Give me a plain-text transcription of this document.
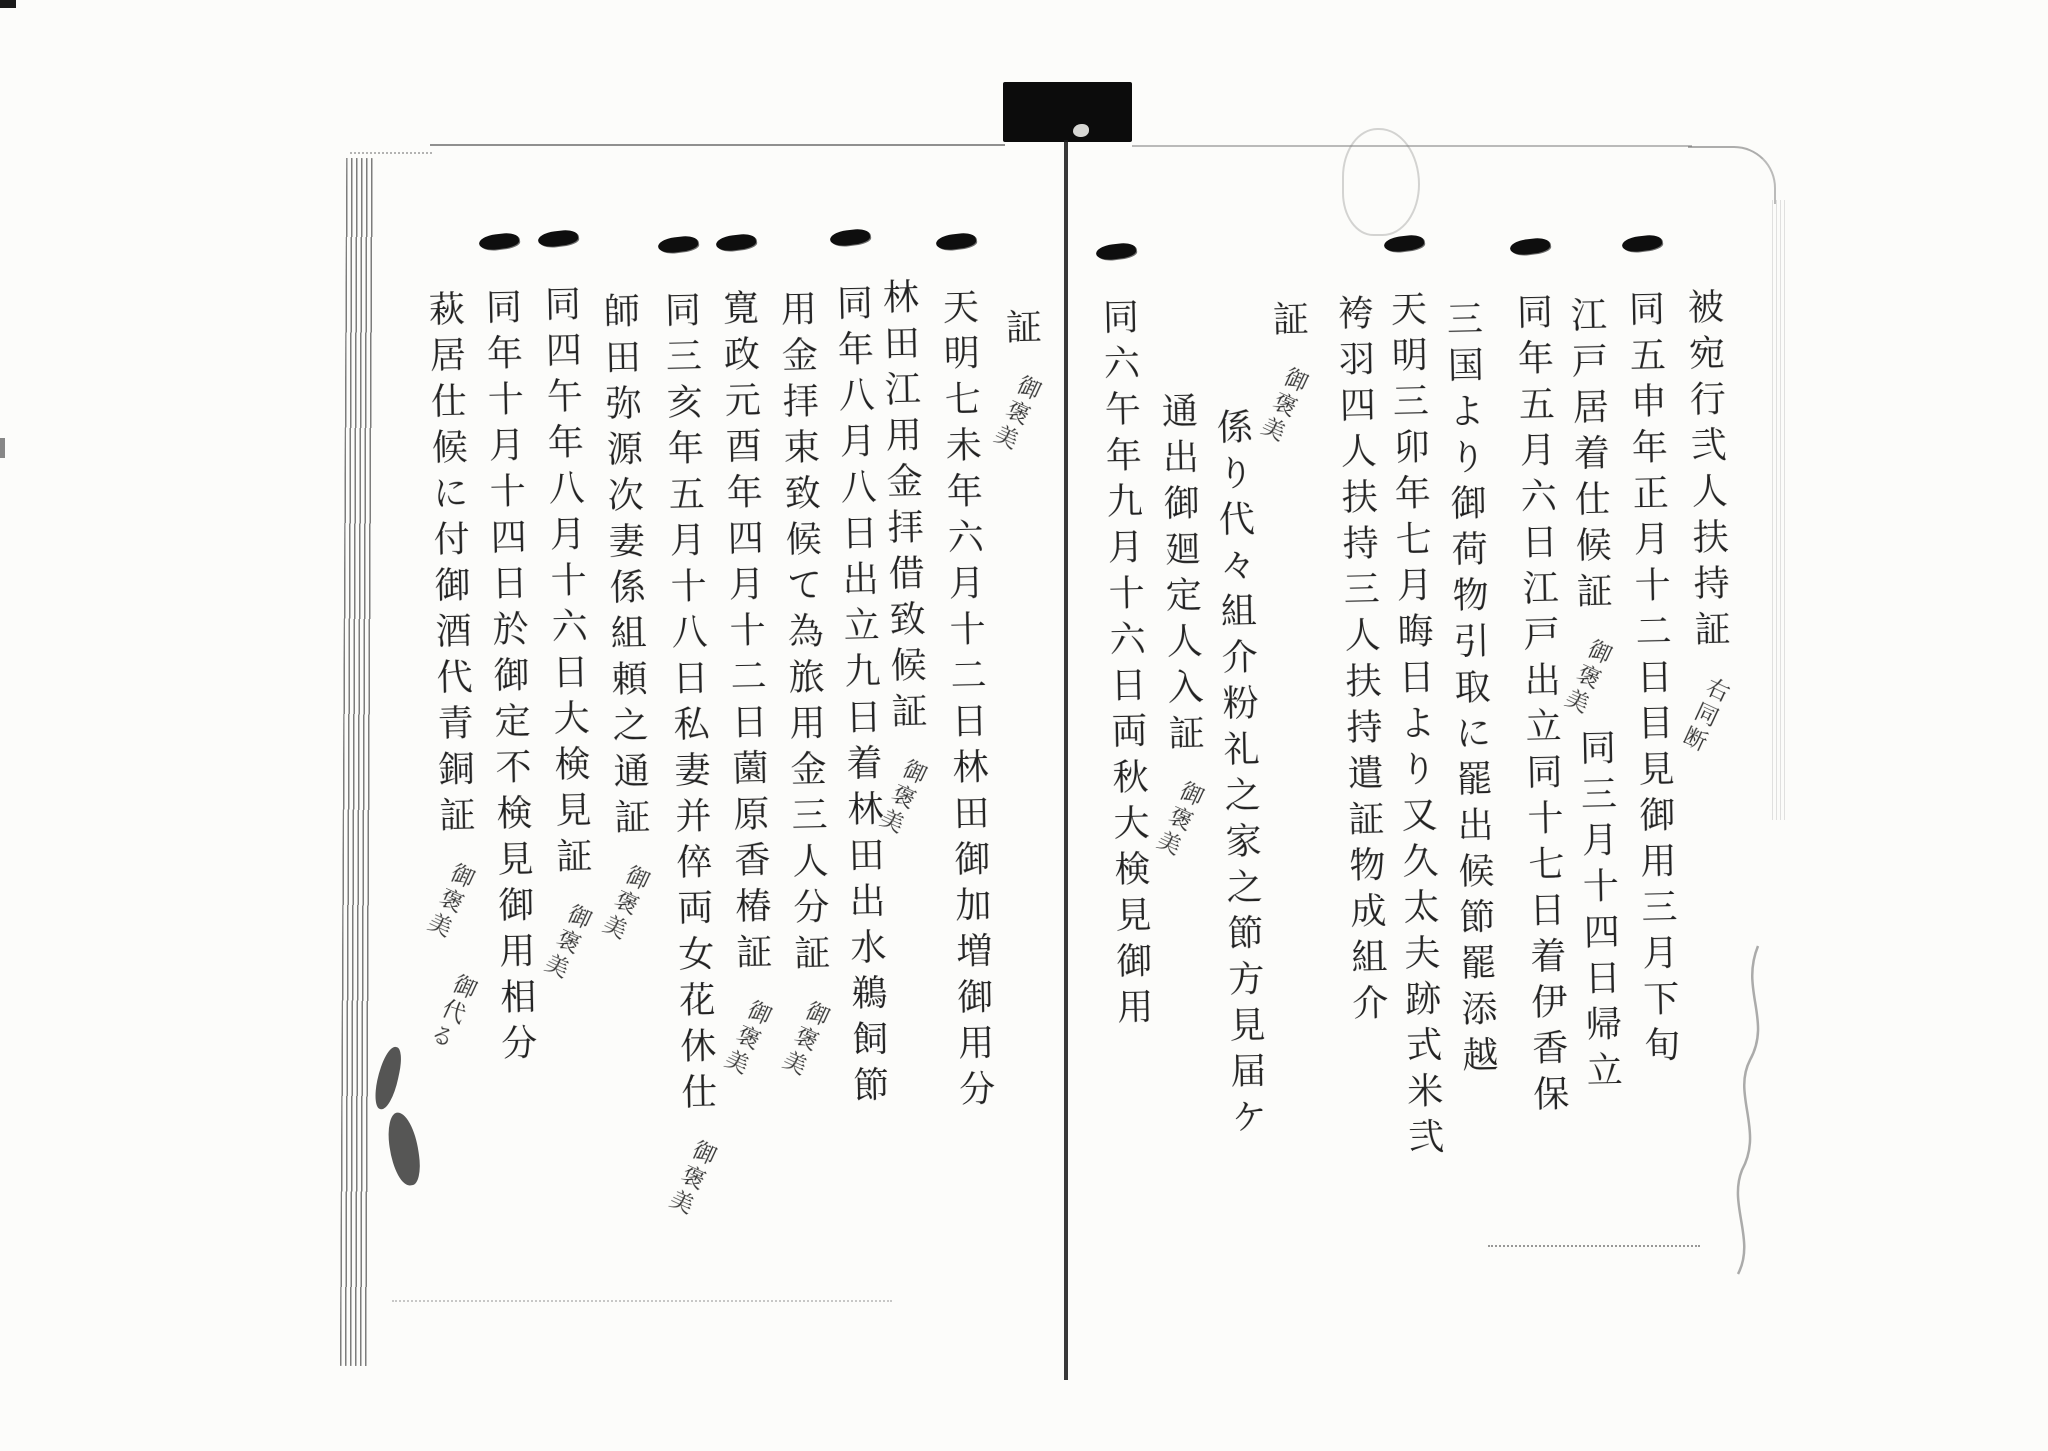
被宛行弐人扶持証右同断
同五申年正月十二日目見御用三月下旬
江戸居着仕候証御褒美同三月十四日帰立
同年五月六日江戸出立同十七日着伊香保
三国より御荷物引取に罷出候節罷添越
天明三卯年七月晦日より又久太夫跡式米弐
袴羽四人扶持三人扶持遣証物成組介
証御褒美
係り代々組介粉礼之家之節方見届ケ
通出御廻定人入証御褒美
同六午年九月十六日両秋大検見御用
証御褒美
天明七未年六月十二日林田御加増御用分
林田江用金拝借致候証御褒美
同年八月八日出立九日着林田出水鵜飼節
用金拝束致候て為旅用金三人分証御褒美
寛政元酉年四月十二日薗原香椿証御褒美
同三亥年五月十八日私妻并倅両女花休仕御褒美
師田弥源次妻係組頼之通証御褒美
同四午年八月十六日大検見証御褒美
同年十月十四日於御定不検見御用相分
萩居仕候に付御酒代青銅証御褒美御代る
